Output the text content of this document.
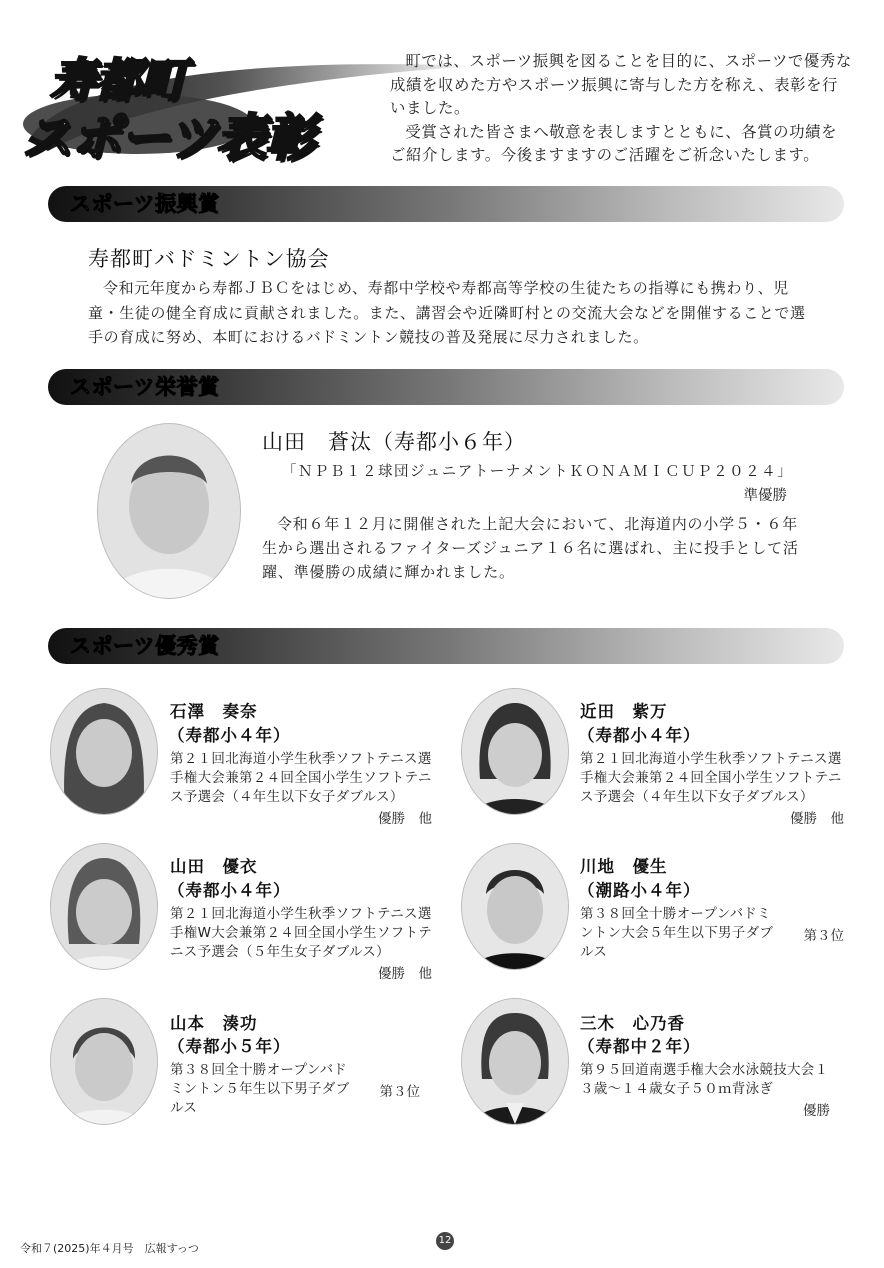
寿都町
スポーツ表彰

町では、スポーツ振興を図ることを目的に、スポーツで優秀な成績を収めた方やスポーツ振興に寄与した方を称え、表彰を行いました。

受賞された皆さまへ敬意を表しますとともに、各賞の功績をご紹介します。今後ますますのご活躍をご祈念いたします。

スポーツ振興賞
寿都町バドミントン協会

令和元年度から寿都ＪＢＣをはじめ、寿都中学校や寿都高等学校の生徒たちの指導にも携わり、児童・生徒の健全育成に貢献されました。また、講習会や近隣町村との交流大会などを開催することで選手の育成に努め、本町におけるバドミントン競技の普及発展に尽力されました。

スポーツ栄誉賞
山田　蒼汰（寿都小６年）
「ＮＰＢ１２球団ジュニアトーナメントＫＯＮＡＭＩＣＵＰ２０２４」
準優勝

令和６年１２月に開催された上記大会において、北海道内の小学５・６年生から選出されるファイターズジュニア１６名に選ばれ、主に投手として活躍、準優勝の成績に輝かれました。

スポーツ優秀賞
石澤　奏奈
（寿都小４年）

第２１回北海道小学生秋季ソフトテニス選手権大会兼第２４回全国小学生ソフトテニス予選会（４年生以下女子ダブルス）

優勝　他
近田　紫万
（寿都小４年）

第２１回北海道小学生秋季ソフトテニス選手権大会兼第２４回全国小学生ソフトテニス予選会（４年生以下女子ダブルス）

優勝　他
山田　優衣
（寿都小４年）

第２１回北海道小学生秋季ソフトテニス選手権W大会兼第２４回全国小学生ソフトテニス予選会（５年生女子ダブルス）

優勝　他
川地　優生
（潮路小４年）

第３８回全十勝オープンバドミントン大会５年生以下男子ダブルス

第３位
山本　湊功
（寿都小５年）

第３８回全十勝オープンバドミントン５年生以下男子ダブルス

第３位
三木　心乃香
（寿都中２年）

第９５回道南選手権大会水泳競技大会１３歳～１４歳女子５０ｍ背泳ぎ

優勝
令和７(2025)年４月号　広報すっつ
12
